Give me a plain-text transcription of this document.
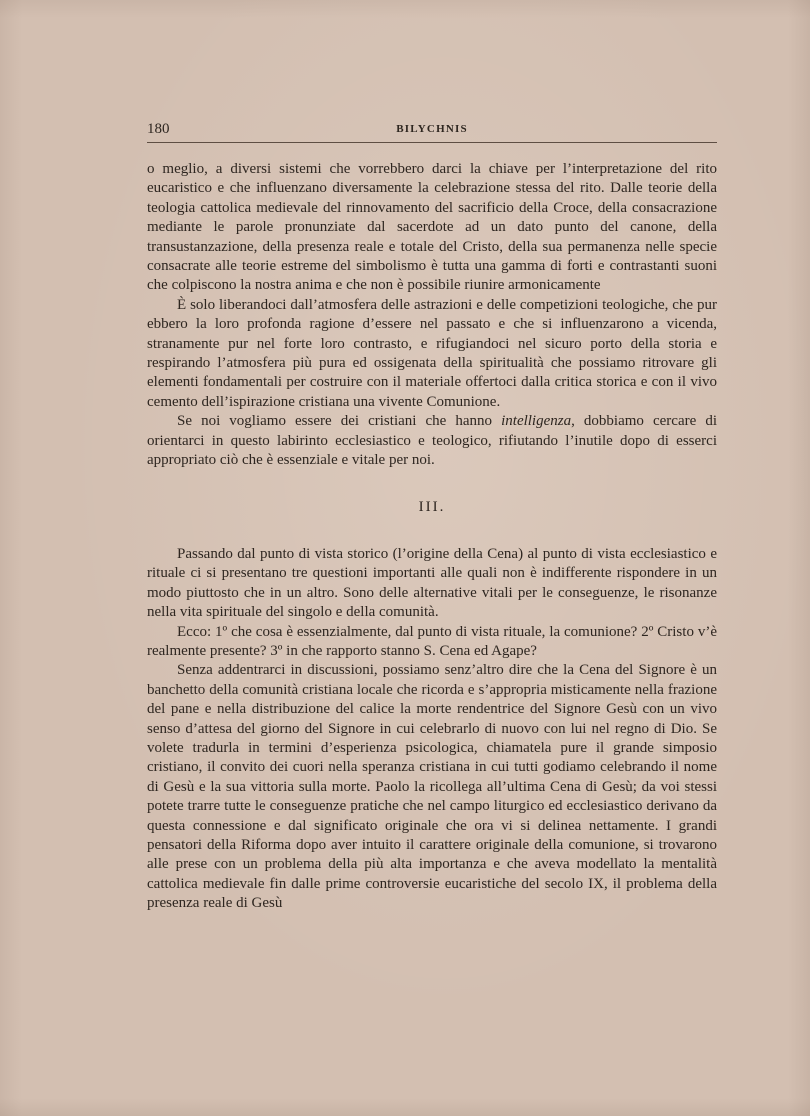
180	BILYCHNIS

o meglio, a diversi sistemi che vorrebbero darci la chiave per l’interpretazione del rito eucaristico e che influenzano diversamente la celebrazione stessa del rito. Dalle teorie della teologia cattolica medievale del rinnovamento del sacrificio della Croce, della consacrazione mediante le parole pronunziate dal sacerdote ad un dato punto del canone, della transustanzazione, della presenza reale e totale del Cristo, della sua permanenza nelle specie consacrate alle teorie estreme del simbolismo è tutta una gamma di forti e contrastanti suoni che colpiscono la nostra anima e che non è possibile riunire armonicamente

È solo liberandoci dall’atmosfera delle astrazioni e delle competizioni teologiche, che pur ebbero la loro profonda ragione d’essere nel passato e che si influenzarono a vicenda, stranamente pur nel forte loro contrasto, e rifugiandoci nel sicuro porto della storia e respirando l’atmosfera più pura ed ossigenata della spiritualità che possiamo ritrovare gli elementi fondamentali per costruire con il materiale offertoci dalla critica storica e con il vivo cemento dell’ispirazione cristiana una vivente Comunione.

Se noi vogliamo essere dei cristiani che hanno intelligenza, dobbiamo cercare di orientarci in questo labirinto ecclesiastico e teologico, rifiutando l’inutile dopo di esserci appropriato ciò che è essenziale e vitale per noi.

III.

Passando dal punto di vista storico (l’origine della Cena) al punto di vista ecclesiastico e rituale ci si presentano tre questioni importanti alle quali non è indifferente rispondere in un modo piuttosto che in un altro. Sono delle alternative vitali per le conseguenze, le risonanze nella vita spirituale del singolo e della comunità.

Ecco: 1º che cosa è essenzialmente, dal punto di vista rituale, la comunione? 2º Cristo v’è realmente presente? 3º in che rapporto stanno S. Cena ed Agape?

Senza addentrarci in discussioni, possiamo senz’altro dire che la Cena del Signore è un banchetto della comunità cristiana locale che ricorda e s’appropria misticamente nella frazione del pane e nella distribuzione del calice la morte rendentrice del Signore Gesù con un vivo senso d’attesa del giorno del Signore in cui celebrarlo di nuovo con lui nel regno di Dio. Se volete tradurla in termini d’esperienza psicologica, chiamatela pure il grande simposio cristiano, il convito dei cuori nella speranza cristiana in cui tutti godiamo celebrando il nome di Gesù e la sua vittoria sulla morte. Paolo la ricollega all’ultima Cena di Gesù; da voi stessi potete trarre tutte le conseguenze pratiche che nel campo liturgico ed ecclesiastico derivano da questa connessione e dal significato originale che ora vi si delinea nettamente. I grandi pensatori della Riforma dopo aver intuito il carattere originale della comunione, si trovarono alle prese con un problema della più alta importanza e che aveva modellato la mentalità cattolica medievale fin dalle prime controversie eucaristiche del secolo IX, il problema della presenza reale di Gesù
